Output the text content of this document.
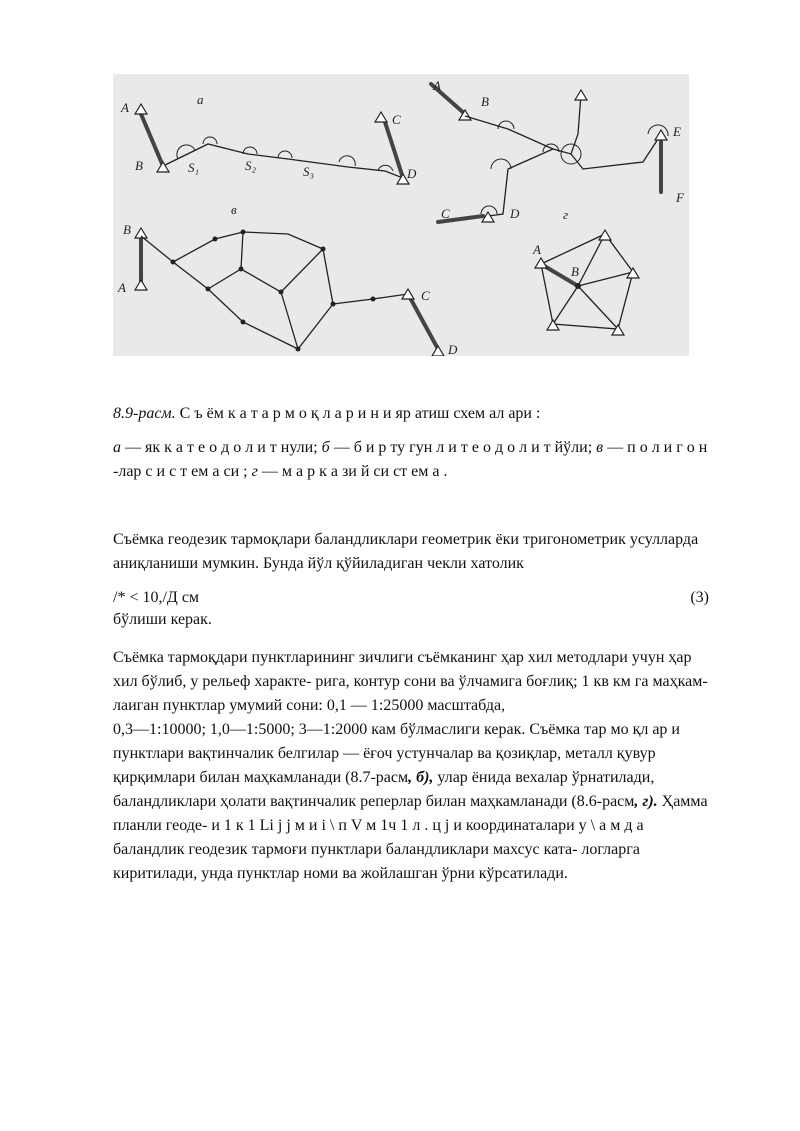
а
A
B	S₁	S₂	S₃
C
D
A
B
C	D
E
F
в
B
A
C
D
г
A
B

8.9-расм. С ъ ём к а т а р м о қ л а р и н и яр атиш схем ал ари :

а — як к а т е о д о л и т нули; б — б и р ту гун л и т е о д о л и т йўли; в — п о л и г о н -лар с и с т ем а си ; г — м а р к а зи й си ст ем а .

Съёмка геодезик тармоқлари баландликлари геометрик ёки тригонометрик усулларда аниқланиши мумкин. Бунда йўл қўйиладиган чекли хатолик

/* < 10,/Д см	(3)

бўлиши керак.

Съёмка тармоқдари пунктларининг зичлиги съёмканинг ҳар хил методлари учун ҳар хил бўлиб, у рельеф характе- рига, контур сони ва ўлчамига боғлиқ; 1 кв км га маҳкам- лаиган пунктлар умумий сони: 0,1 — 1:25000 масштабда,

0,3—1:10000; 1,0—1:5000; 3—1:2000 кам бўлмаслиги керак. Съёмка тар мо қл ар и пунктлари вақтинчалик белгилар — ёғоч устунчалар ва қозиқлар, металл қувур қирқимлари билан маҳкамланади (8.7-расм, б), улар ёнида вехалар ўрнатилади, баландликлари ҳолати вақтинчалик реперлар билан маҳкамланади (8.6-расм, г). Ҳамма планли геоде- и 1 к 1 Li j j м и i \ п V м 1ч 1 л . ц j и координаталари у \ а м д а баландлик геодезик тармоғи пунктлари баландликлари махсус ката- логларга киритилади, унда пунктлар номи ва жойлашган ўрни кўрсатилади.
